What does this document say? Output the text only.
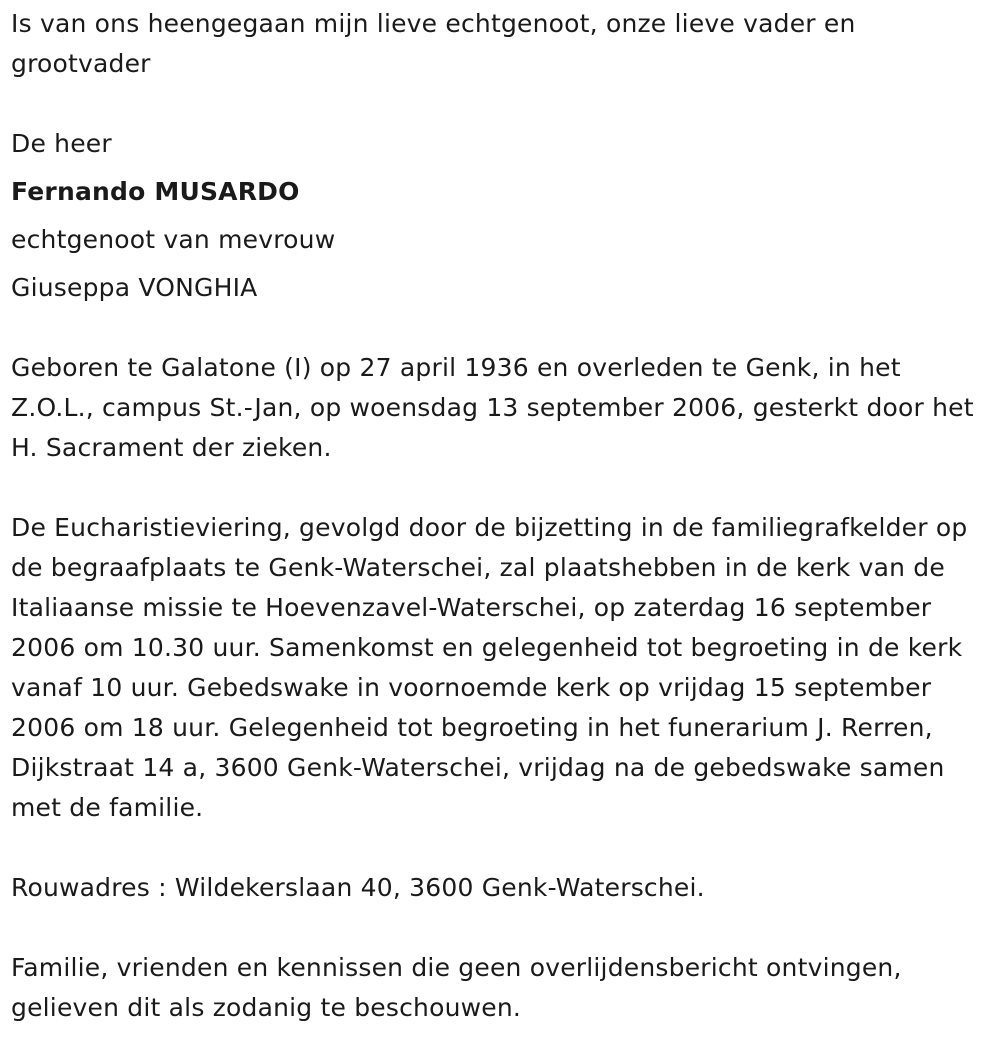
Is van ons heengegaan mijn lieve echtgenoot, onze lieve vader en grootvader

De heer

Fernando MUSARDO

echtgenoot van mevrouw

Giuseppa VONGHIA

Geboren te Galatone (I) op 27 april 1936 en overleden te Genk, in het Z.O.L., campus St.-Jan, op woensdag 13 september 2006, gesterkt door het H. Sacrament der zieken.

De Eucharistieviering, gevolgd door de bijzetting in de familiegrafkelder op de begraafplaats te Genk-Waterschei, zal plaatshebben in de kerk van de Italiaanse missie te Hoevenzavel-Waterschei, op zaterdag 16 september 2006 om 10.30 uur. Samenkomst en gelegenheid tot begroeting in de kerk vanaf 10 uur. Gebedswake in voornoemde kerk op vrijdag 15 september 2006 om 18 uur. Gelegenheid tot begroeting in het funerarium J. Rerren, Dijkstraat 14 a, 3600 Genk-Waterschei, vrijdag na de gebedswake samen met de familie.

Rouwadres : Wildekerslaan 40, 3600 Genk-Waterschei.

Familie, vrienden en kennissen die geen overlijdensbericht ontvingen, gelieven dit als zodanig te beschouwen.
